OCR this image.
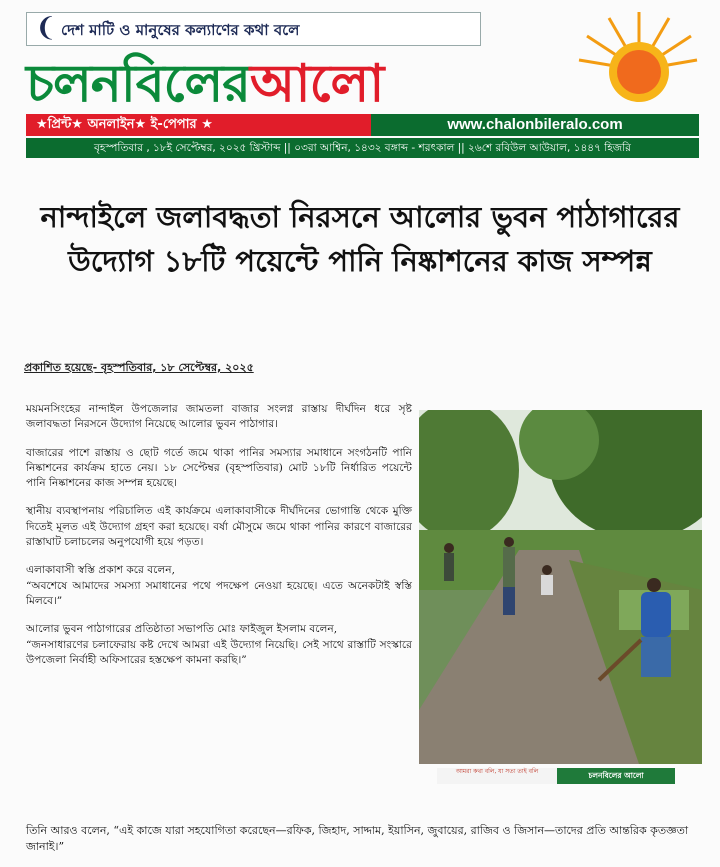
❨ দেশ মাটি ও মানুষের কল্যাণের কথা বলে
চলনবিলেরআলো
★প্রিন্ট★ অনলাইন★ ই-পেপার ★	www.chalonbileralo.com
বৃহস্পতিবার , ১৮ই সেপ্টেম্বর, ২০২৫ খ্রিস্টাব্দ || ০৩রা আশ্বিন, ১৪৩২ বঙ্গাব্দ - শরৎকাল || ২৬শে রবিউল আউয়াল, ১৪৪৭ হিজরি
নান্দাইলে জলাবদ্ধতা নিরসনে আলোর ভুবন পাঠাগারের উদ্যোগ ১৮টি পয়েন্টে পানি নিষ্কাশনের কাজ সম্পন্ন
প্রকাশিত হয়েছে- বৃহস্পতিবার, ১৮ সেপ্টেম্বর, ২০২৫

ময়মনসিংহের নান্দাইল উপজেলার জামতলা বাজার সংলগ্ন রাস্তায় দীর্ঘদিন ধরে সৃষ্ট জলাবদ্ধতা নিরসনে উদ্যোগ নিয়েছে আলোর ভুবন পাঠাগার।

বাজারের পাশে রাস্তায় ও ছোট গর্তে জমে থাকা পানির সমস্যার সমাধানে সংগঠনটি পানি নিষ্কাশনের কার্যক্রম হাতে নেয়। ১৮ সেপ্টেম্বর (বৃহস্পতিবার) মোট ১৮টি নির্ধারিত পয়েন্টে পানি নিষ্কাশনের কাজ সম্পন্ন হয়েছে।

স্থানীয় ব্যবস্থাপনায় পরিচালিত এই কার্যক্রমে এলাকাবাসীকে দীর্ঘদিনের ভোগান্তি থেকে মুক্তি দিতেই মূলত এই উদ্যোগ গ্রহণ করা হয়েছে। বর্ষা মৌসুমে জমে থাকা পানির কারণে বাজারের রাস্তাঘাট চলাচলের অনুপযোগী হয়ে পড়ত।

এলাকাবাসী স্বস্তি প্রকাশ করে বলেন,

“অবশেষে আমাদের সমস্যা সমাধানের পথে পদক্ষেপ নেওয়া হয়েছে। এতে অনেকটাই স্বস্তি মিলবে।”

আলোর ভুবন পাঠাগারের প্রতিষ্ঠাতা সভাপতি মোঃ ফাইজুল ইসলাম বলেন,

“জনসাধারণের চলাফেরায় কষ্ট দেখে আমরা এই উদ্যোগ নিয়েছি। সেই সাথে রাস্তাটি সংস্কারে উপজেলা নির্বাহী অফিসারের হস্তক্ষেপ কামনা করছি।”

আমরা কথা বলি, যা সত্য তাই বলি	চলনবিলের আলো
তিনি আরও বলেন, “এই কাজে যারা সহযোগিতা করেছেন—রফিক, জিহাদ, সাদ্দাম, ইয়াসিন, জুবায়ের, রাজিব ও জিসান—তাদের প্রতি আন্তরিক কৃতজ্ঞতা জানাই।”
